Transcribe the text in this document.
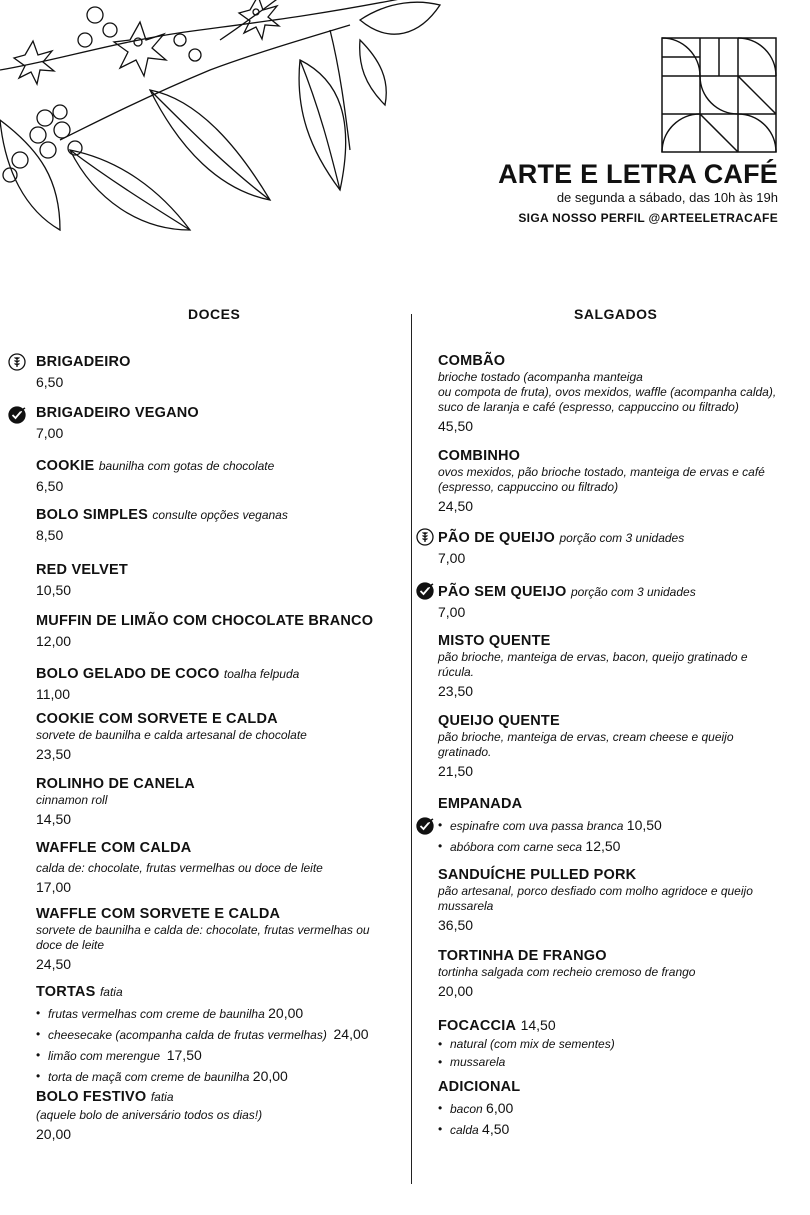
ARTE E LETRA CAFÉ
de segunda a sábado, das 10h às 19h
SIGA NOSSO PERFIL @ARTEELETRACAFE
DOCES	SALGADOS
BRIGADEIRO
6,50
BRIGADEIRO VEGANO
7,00
COOKIE baunilha com gotas de chocolate
6,50
BOLO SIMPLES consulte opções veganas
8,50
RED VELVET
10,50
MUFFIN DE LIMÃO COM CHOCOLATE BRANCO
12,00
BOLO GELADO DE COCO toalha felpuda
11,00
COOKIE COM SORVETE E CALDA
sorvete de baunilha e calda artesanal de chocolate
23,50
ROLINHO DE CANELA
cinnamon roll
14,50
WAFFLE COM CALDA
calda de: chocolate, frutas vermelhas ou doce de leite
17,00
WAFFLE COM SORVETE E CALDA
sorvete de baunilha e calda de: chocolate, frutas vermelhas ou doce de leite
24,50
TORTAS fatia
• frutas vermelhas com creme de baunilha 20,00
• cheesecake (acompanha calda de frutas vermelhas) 24,00
• limão com merengue 17,50
• torta de maçã com creme de baunilha 20,00
BOLO FESTIVO fatia
(aquele bolo de aniversário todos os dias!)
20,00
COMBÃO
brioche tostado (acompanha manteiga
ou compota de fruta), ovos mexidos, waffle (acompanha calda),
suco de laranja e café (espresso, cappuccino ou filtrado)
45,50
COMBINHO
ovos mexidos, pão brioche tostado, manteiga de ervas e café
(espresso, cappuccino ou filtrado)
24,50
PÃO DE QUEIJO porção com 3 unidades
7,00
PÃO SEM QUEIJO porção com 3 unidades
7,00
MISTO QUENTE
pão brioche, manteiga de ervas, bacon, queijo gratinado e
rúcula.
23,50
QUEIJO QUENTE
pão brioche, manteiga de ervas, cream cheese e queijo
gratinado.
21,50
EMPANADA
• espinafre com uva passa branca 10,50
• abóbora com carne seca 12,50
SANDUÍCHE PULLED PORK
pão artesanal, porco desfiado com molho agridoce e queijo
mussarela
36,50
TORTINHA DE FRANGO
tortinha salgada com recheio cremoso de frango
20,00
FOCACCIA 14,50
• natural (com mix de sementes)
• mussarela
ADICIONAL
• bacon 6,00
• calda 4,50
